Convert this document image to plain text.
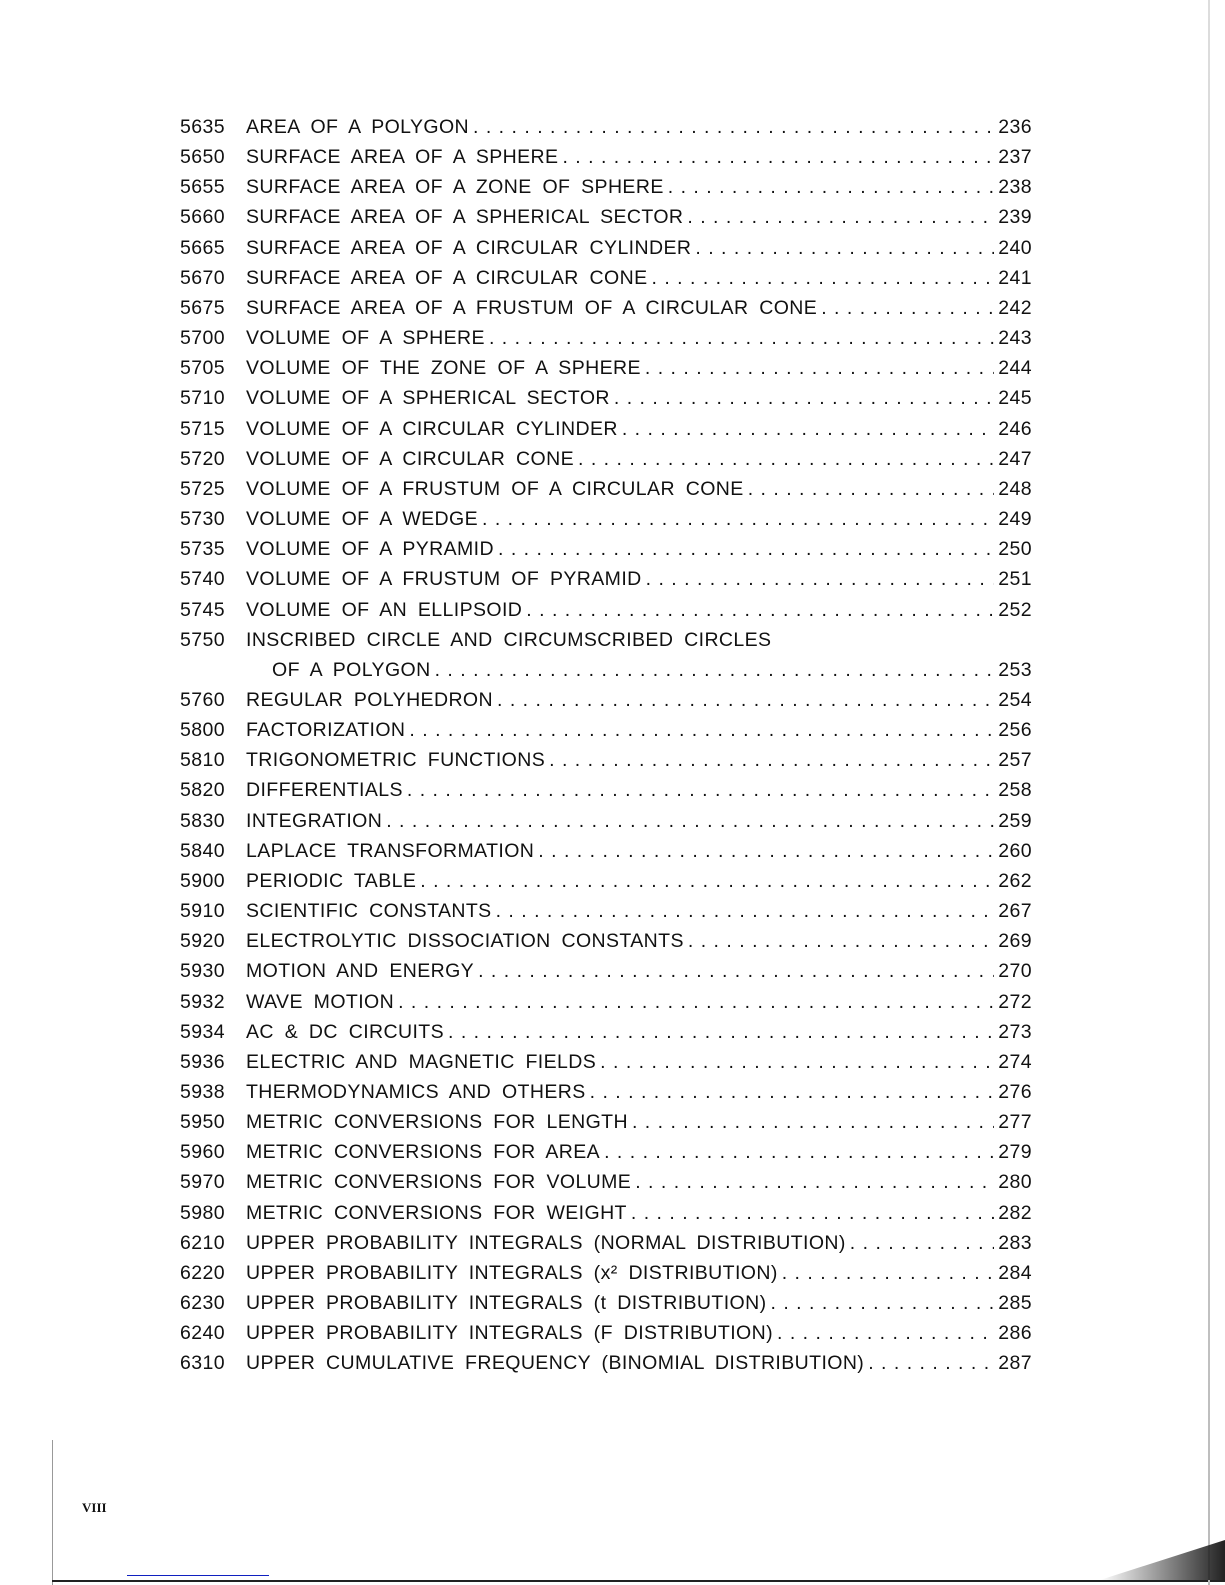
5635	AREA OF A POLYGON . . .	236
5650	SURFACE AREA OF A SPHERE . . .	237
5655	SURFACE AREA OF A ZONE OF SPHERE . . .	238
5660	SURFACE AREA OF A SPHERICAL SECTOR . . .	239
5665	SURFACE AREA OF A CIRCULAR CYLINDER . . .	240
5670	SURFACE AREA OF A CIRCULAR CONE . . .	241
5675	SURFACE AREA OF A FRUSTUM OF A CIRCULAR CONE . . .	242
5700	VOLUME OF A SPHERE . . .	243
5705	VOLUME OF THE ZONE OF A SPHERE . . .	244
5710	VOLUME OF A SPHERICAL SECTOR . . .	245
5715	VOLUME OF A CIRCULAR CYLINDER . . .	246
5720	VOLUME OF A CIRCULAR CONE . . .	247
5725	VOLUME OF A FRUSTUM OF A CIRCULAR CONE . . .	248
5730	VOLUME OF A WEDGE . . .	249
5735	VOLUME OF A PYRAMID . . .	250
5740	VOLUME OF A FRUSTUM OF PYRAMID . . .	251
5745	VOLUME OF AN ELLIPSOID . . .	252
5750	INSCRIBED CIRCLE AND CIRCUMSCRIBED CIRCLES
OF A POLYGON . . .	253
5760	REGULAR POLYHEDRON . . .	254
5800	FACTORIZATION . . .	256
5810	TRIGONOMETRIC FUNCTIONS . . .	257
5820	DIFFERENTIALS . . .	258
5830	INTEGRATION . . .	259
5840	LAPLACE TRANSFORMATION . . .	260
5900	PERIODIC TABLE . . .	262
5910	SCIENTIFIC CONSTANTS . . .	267
5920	ELECTROLYTIC DISSOCIATION CONSTANTS . . .	269
5930	MOTION AND ENERGY . . .	270
5932	WAVE MOTION . . .	272
5934	AC & DC CIRCUITS . . .	273
5936	ELECTRIC AND MAGNETIC FIELDS . . .	274
5938	THERMODYNAMICS AND OTHERS . . .	276
5950	METRIC CONVERSIONS FOR LENGTH . . .	277
5960	METRIC CONVERSIONS FOR AREA . . .	279
5970	METRIC CONVERSIONS FOR VOLUME . . .	280
5980	METRIC CONVERSIONS FOR WEIGHT . . .	282
6210	UPPER PROBABILITY INTEGRALS (NORMAL DISTRIBUTION) . . .	283
6220	UPPER PROBABILITY INTEGRALS (x² DISTRIBUTION) . . .	284
6230	UPPER PROBABILITY INTEGRALS (t DISTRIBUTION) . . .	285
6240	UPPER PROBABILITY INTEGRALS (F DISTRIBUTION) . . .	286
6310	UPPER CUMULATIVE FREQUENCY (BINOMIAL DISTRIBUTION) . . .	287
VIII
